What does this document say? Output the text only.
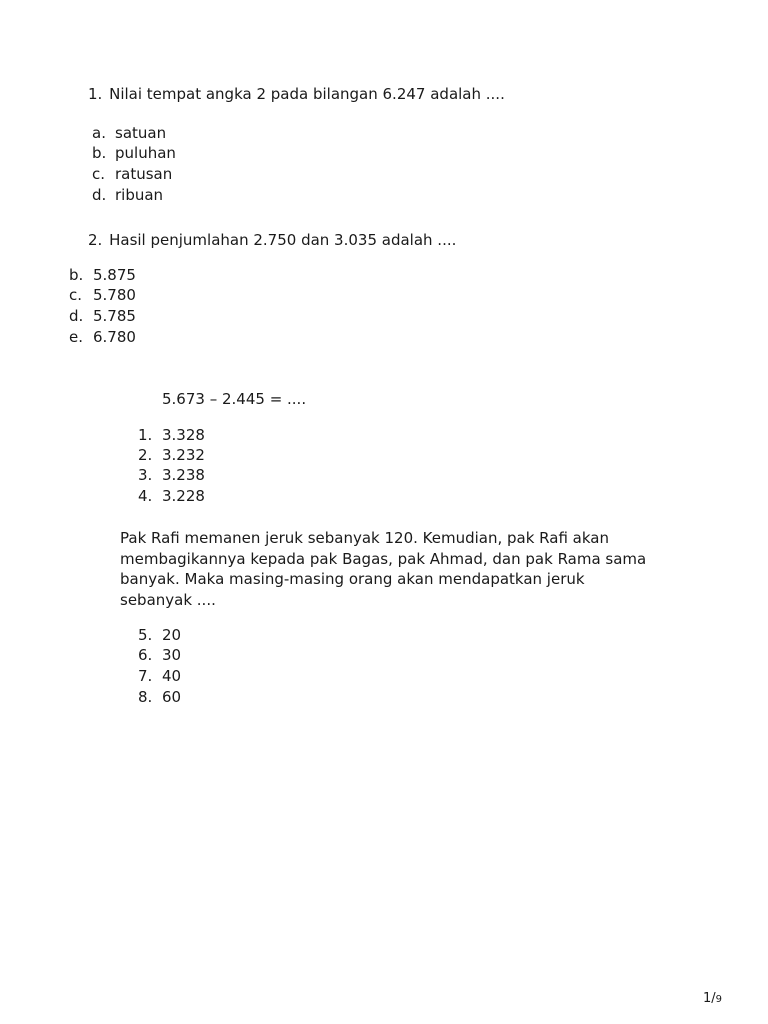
1. Nilai tempat angka 2 pada bilangan 6.247 adalah ....
a. satuan
b. puluhan
c. ratusan
d. ribuan
2. Hasil penjumlahan 2.750 dan 3.035 adalah ....
b. 5.875
c. 5.780
d. 5.785
e. 6.780
5.673 – 2.445 = ....
1. 3.328
2. 3.232
3. 3.238
4. 3.228
Pak Rafi memanen jeruk sebanyak 120. Kemudian, pak Rafi akan membagikannya kepada pak Bagas, pak Ahmad, dan pak Rama sama banyak. Maka masing-masing orang akan mendapatkan jeruk sebanyak ....
5. 20
6. 30
7. 40
8. 60
1/9
